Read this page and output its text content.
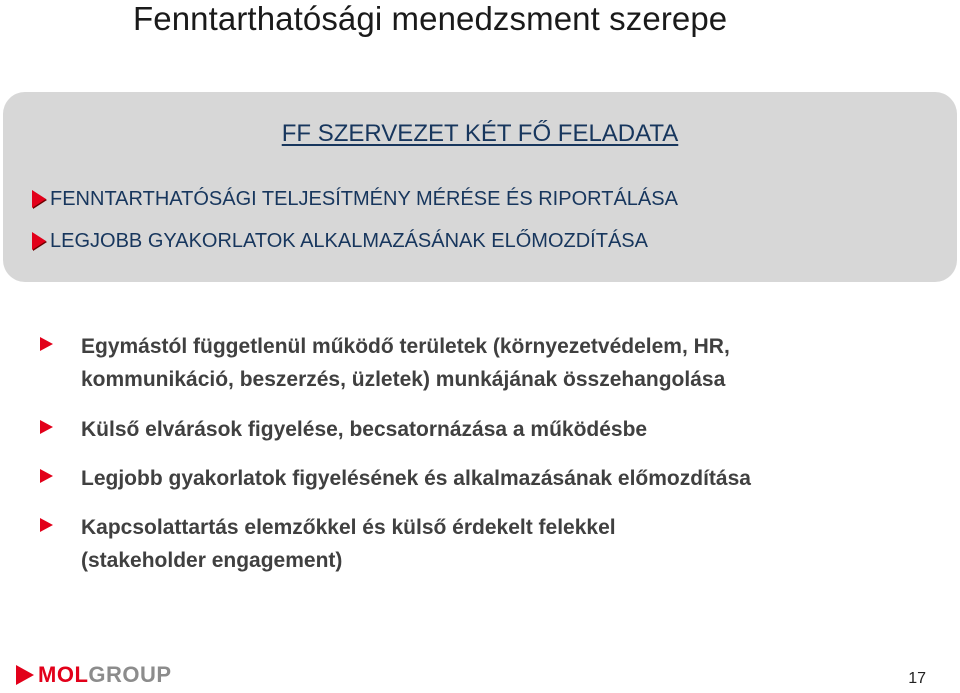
Fenntarthatósági menedzsment szerepe
FF SZERVEZET KÉT FŐ FELADATA
FENNTARTHATÓSÁGI TELJESÍTMÉNY MÉRÉSE ÉS RIPORTÁLÁSA
LEGJOBB GYAKORLATOK ALKALMAZÁSÁNAK ELŐMOZDÍTÁSA
Egymástól függetlenül működő területek (környezetvédelem, HR,
kommunikáció, beszerzés, üzletek) munkájának összehangolása
Külső elvárások figyelése, becsatornázása a működésbe
Legjobb gyakorlatok figyelésének és alkalmazásának előmozdítása
Kapcsolattartás elemzőkkel és külső érdekelt felekkel
(stakeholder engagement)
MOL GROUP	17
